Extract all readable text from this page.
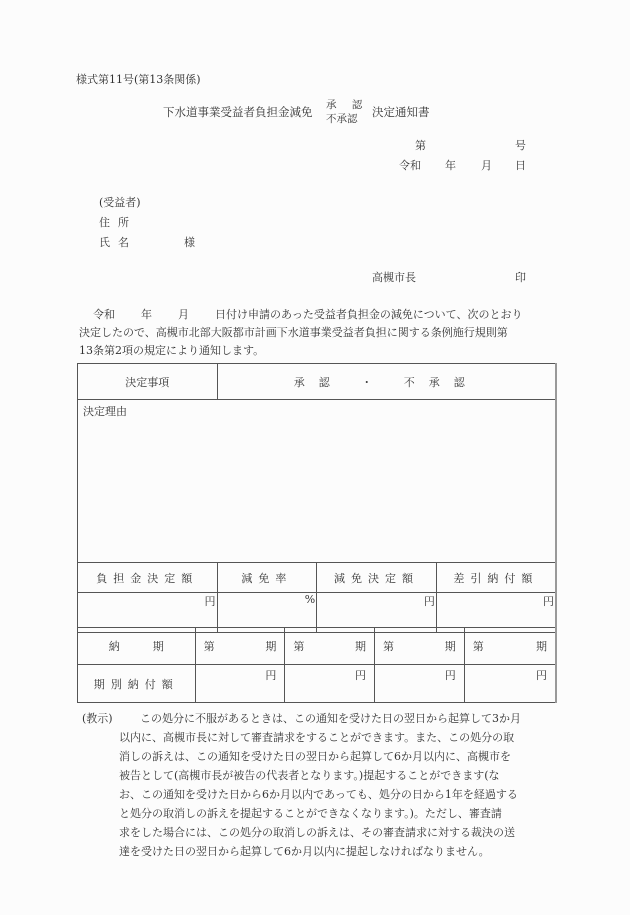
様式第11号(第13条関係)
下水道事業受益者負担金減免 承 認
不承認	決定通知書
第	号
令和 年 月 日
(受益者)
住所
氏名	様
高槻市長	印
令和 年 月 日付け申請のあった受益者負担金の減免について、次のとおり
決定したので、高槻市北部大阪都市計画下水道事業受益者負担に関する条例施行規則第
13条第2項の規定により通知します。
決定事項	承認 ・ 不承認		
決定理由			
負担金決定額	減免率	減免決定額	差引納付額
円	%	円	円
納　　　期	第 期	第 期	第 期	第 期

期別納付額	円	円	円	円
(教示) この処分に不服があるときは、この通知を受けた日の翌日から起算して3か月
以内に、高槻市長に対して審査請求をすることができます。また、この処分の取
消しの訴えは、この通知を受けた日の翌日から起算して6か月以内に、高槻市を
被告として(高槻市長が被告の代表者となります。)提起することができます(な
お、この通知を受けた日から6か月以内であっても、処分の日から1年を経過する
と処分の取消しの訴えを提起することができなくなります。)。ただし、審査請
求をした場合には、この処分の取消しの訴えは、その審査請求に対する裁決の送
達を受けた日の翌日から起算して6か月以内に提起しなければなりません。
